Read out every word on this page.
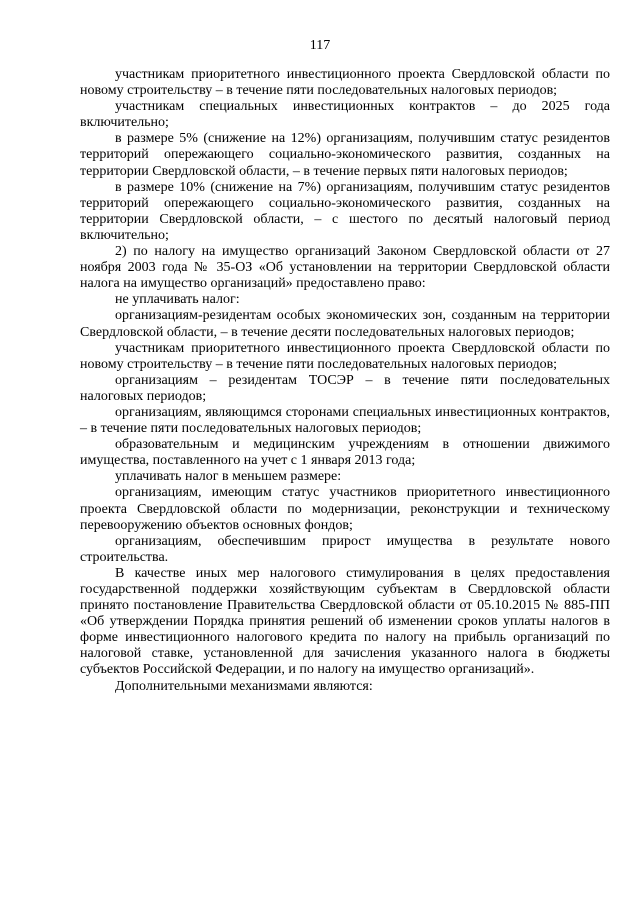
117

участникам приоритетного инвестиционного проекта Свердловской области по новому строительству – в течение пяти последовательных налоговых периодов;

участникам специальных инвестиционных контрактов – до 2025 года включительно;

в размере 5% (снижение на 12%) организациям, получившим статус резидентов территорий опережающего социально-экономического развития, созданных на территории Свердловской области, – в течение первых пяти налоговых периодов;

в размере 10% (снижение на 7%) организациям, получившим статус резидентов территорий опережающего социально-экономического развития, созданных на территории Свердловской области, – с шестого по десятый налоговый период включительно;

2) по налогу на имущество организаций Законом Свердловской области от 27 ноября 2003 года № 35-ОЗ «Об установлении на территории Свердловской области налога на имущество организаций» предоставлено право:

не уплачивать налог:

организациям-резидентам особых экономических зон, созданным на территории Свердловской области, – в течение десяти последовательных налоговых периодов;

участникам приоритетного инвестиционного проекта Свердловской области по новому строительству – в течение пяти последовательных налоговых периодов;

организациям – резидентам ТОСЭР – в течение пяти последовательных налоговых периодов;

организациям, являющимся сторонами специальных инвестиционных контрактов, – в течение пяти последовательных налоговых периодов;

образовательным и медицинским учреждениям в отношении движимого имущества, поставленного на учет с 1 января 2013 года;

уплачивать налог в меньшем размере:

организациям, имеющим статус участников приоритетного инвестиционного проекта Свердловской области по модернизации, реконструкции и техническому перевооружению объектов основных фондов;

организациям, обеспечившим прирост имущества в результате нового строительства.

В качестве иных мер налогового стимулирования в целях предоставления государственной поддержки хозяйствующим субъектам в Свердловской области принято постановление Правительства Свердловской области от 05.10.2015 № 885-ПП «Об утверждении Порядка принятия решений об изменении сроков уплаты налогов в форме инвестиционного налогового кредита по налогу на прибыль организаций по налоговой ставке, установленной для зачисления указанного налога в бюджеты субъектов Российской Федерации, и по налогу на имущество организаций».

Дополнительными механизмами являются:
